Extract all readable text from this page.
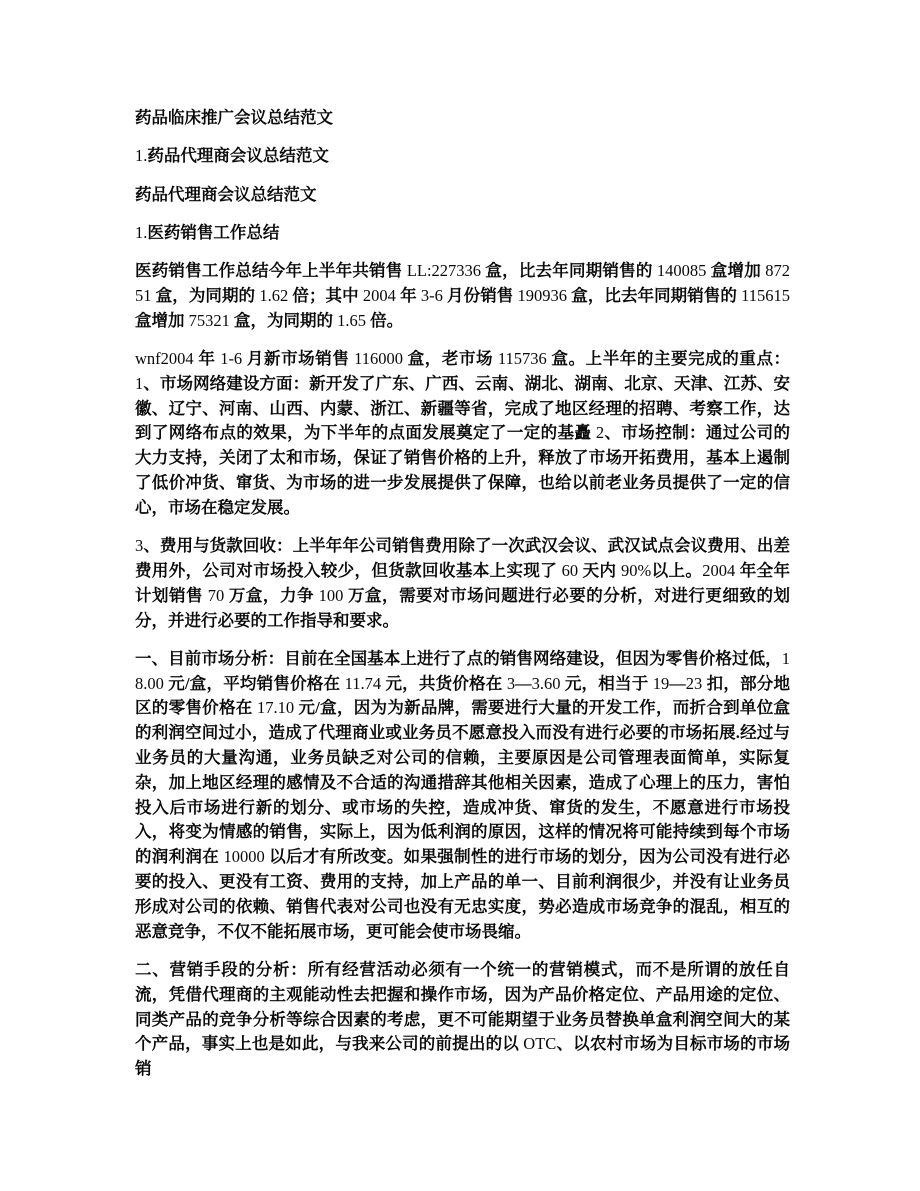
药品临床推广会议总结范文

1.药品代理商会议总结范文

药品代理商会议总结范文

1.医药销售工作总结

医药销售工作总结今年上半年共销售 LL:227336 盒，比去年同期销售的 140085 盒增加 87251 盒，为同期的 1.62 倍；其中 2004 年 3-6 月份销售 190936 盒，比去年同期销售的 115615 盒增加 75321 盒，为同期的 1.65 倍。

wnf2004 年 1-6 月新市场销售 116000 盒，老市场 115736 盒。上半年的主要完成的重点：1、市场网络建设方面：新开发了广东、广西、云南、湖北、湖南、北京、天津、江苏、安徽、辽宁、河南、山西、内蒙、浙江、新疆等省，完成了地区经理的招聘、考察工作，达到了网络布点的效果，为下半年的点面发展奠定了一定的基矗 2、市场控制：通过公司的大力支持，关闭了太和市场，保证了销售价格的上升，释放了市场开拓费用，基本上遏制了低价冲货、窜货、为市场的进一步发展提供了保障，也给以前老业务员提供了一定的信心，市场在稳定发展。

3、费用与货款回收：上半年年公司销售费用除了一次武汉会议、武汉试点会议费用、出差费用外，公司对市场投入较少，但货款回收基本上实现了 60 天内 90%以上。2004 年全年计划销售 70 万盒，力争 100 万盒，需要对市场问题进行必要的分析，对进行更细致的划分，并进行必要的工作指导和要求。

一、目前市场分析：目前在全国基本上进行了点的销售网络建设，但因为零售价格过低，18.00 元/盒，平均销售价格在 11.74 元，共货价格在 3—3.60 元，相当于 19—23 扣，部分地区的零售价格在 17.10 元/盒，因为为新品牌，需要进行大量的开发工作，而折合到单位盒的利润空间过小，造成了代理商业或业务员不愿意投入而没有进行必要的市场拓展.经过与业务员的大量沟通，业务员缺乏对公司的信赖，主要原因是公司管理表面简单，实际复杂，加上地区经理的感情及不合适的沟通措辞其他相关因素，造成了心理上的压力，害怕投入后市场进行新的划分、或市场的失控，造成冲货、窜货的发生，不愿意进行市场投入，将变为情感的销售，实际上，因为低利润的原因，这样的情况将可能持续到每个市场的润利润在 10000 以后才有所改变。如果强制性的进行市场的划分，因为公司没有进行必要的投入、更没有工资、费用的支持，加上产品的单一、目前利润很少，并没有让业务员形成对公司的依赖、销售代表对公司也没有无忠实度，势必造成市场竞争的混乱，相互的恶意竞争，不仅不能拓展市场，更可能会使市场畏缩。

二、营销手段的分析：所有经营活动必须有一个统一的营销模式，而不是所谓的放任自流，凭借代理商的主观能动性去把握和操作市场，因为产品价格定位、产品用途的定位、同类产品的竞争分析等综合因素的考虑，更不可能期望于业务员替换单盒利润空间大的某个产品，事实上也是如此，与我来公司的前提出的以 OTC、以农村市场为目标市场的市场销
